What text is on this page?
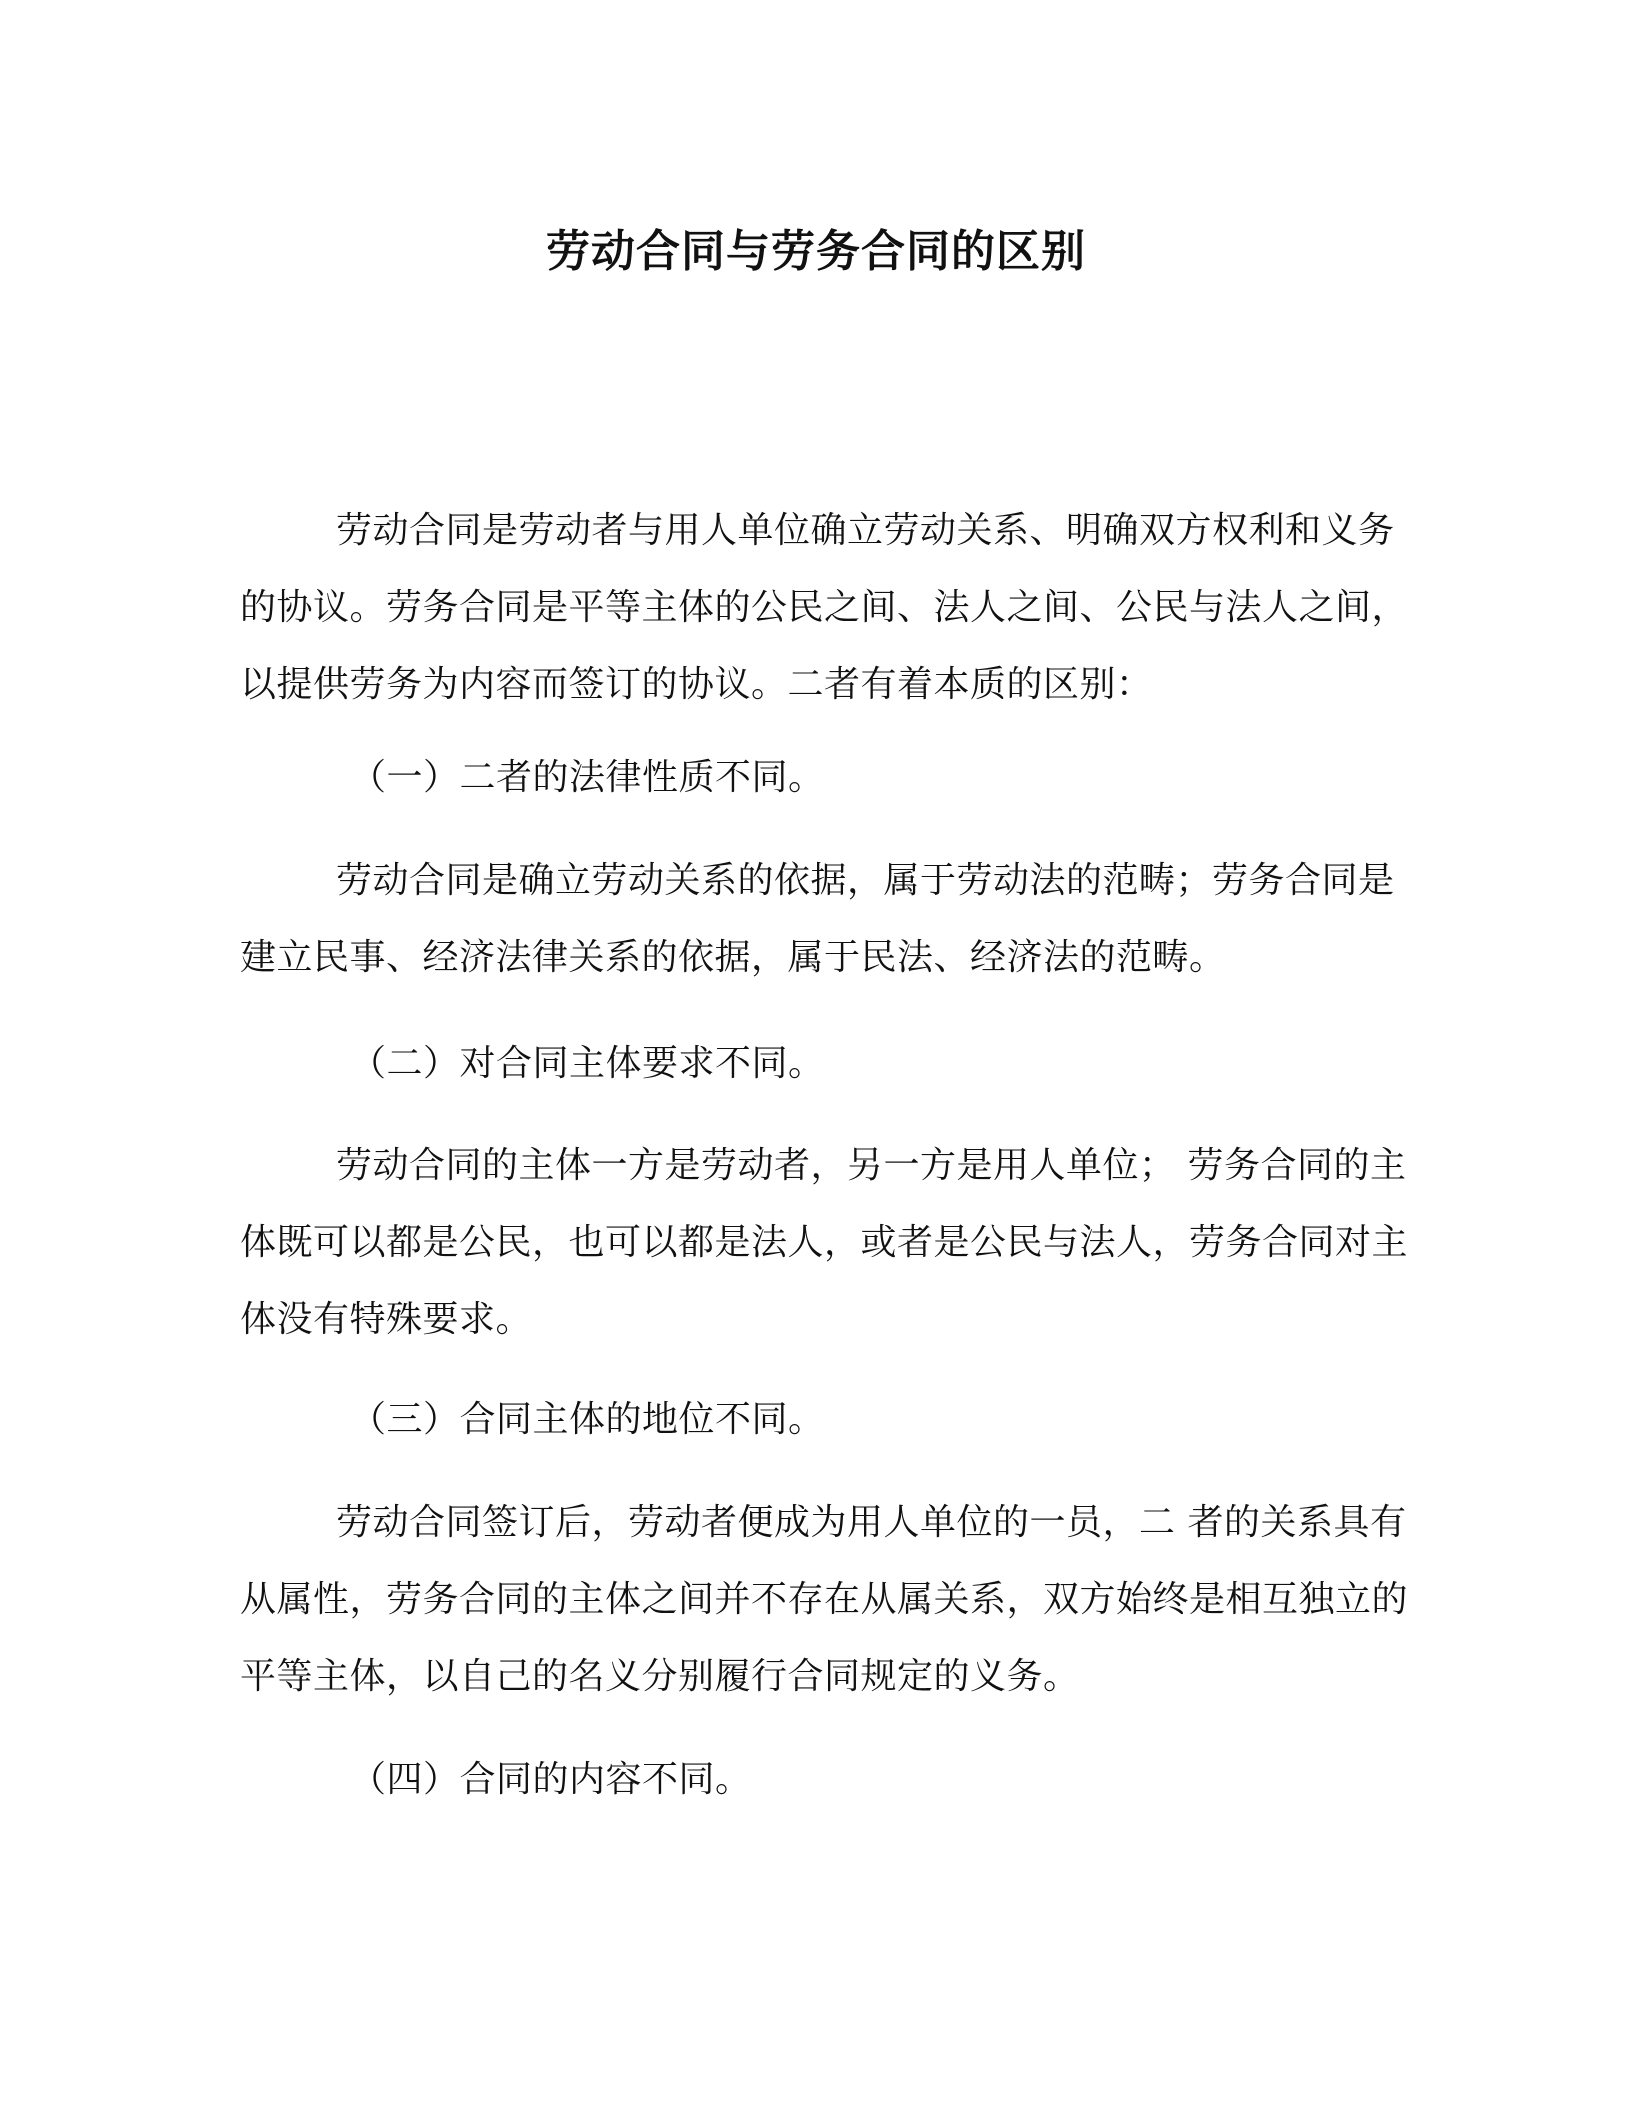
劳动合同与劳务合同的区别

劳动合同是劳动者与用人单位确立劳动关系、明确双方权利和义务的协议。劳务合同是平等主体的公民之间、法人之间、公民与法人之间，以提供劳务为内容而签订的协议。二者有着本质的区别：

（一）二者的法律性质不同。

劳动合同是确立劳动关系的依据，属于劳动法的范畴；劳务合同是建立民事、经济法律关系的依据，属于民法、经济法的范畴。

（二）对合同主体要求不同。

劳动合同的主体一方是劳动者，另一方是用人单位； 劳务合同的主体既可以都是公民，也可以都是法人，或者是公民与法人，劳务合同对主体没有特殊要求。

（三）合同主体的地位不同。

劳动合同签订后，劳动者便成为用人单位的一员，二 者的关系具有从属性，劳务合同的主体之间并不存在从属关系，双方始终是相互独立的平等主体，以自己的名义分别履行合同规定的义务。

（四）合同的内容不同。
